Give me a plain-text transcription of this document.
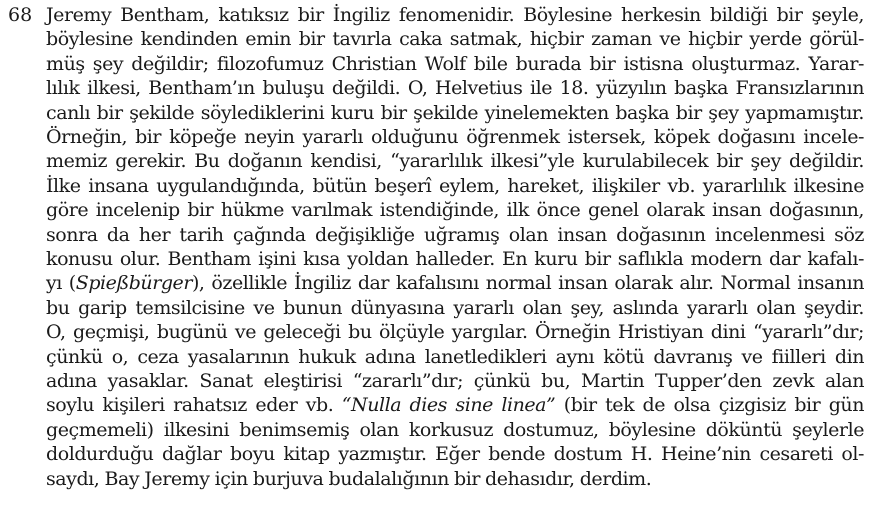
68 Jeremy Bentham, katıksız bir İngiliz fenomenidir. Böylesine herkesin bildiği bir şeyle,
böylesine kendinden emin bir tavırla caka satmak, hiçbir zaman ve hiçbir yerde görül-
müş şey değildir; filozofumuz Christian Wolf bile burada bir istisna oluşturmaz. Yarar-
lılık ilkesi, Bentham’ın buluşu değildi. O, Helvetius ile 18. yüzyılın başka Fransızlarının
canlı bir şekilde söylediklerini kuru bir şekilde yinelemekten başka bir şey yapmamıştır.
Örneğin, bir köpeğe neyin yararlı olduğunu öğrenmek istersek, köpek doğasını incele-
memiz gerekir. Bu doğanın kendisi, “yararlılık ilkesi”yle kurulabilecek bir şey değildir.
İlke insana uygulandığında, bütün beşerî eylem, hareket, ilişkiler vb. yararlılık ilkesine
göre incelenip bir hükme varılmak istendiğinde, ilk önce genel olarak insan doğasının,
sonra da her tarih çağında değişikliğe uğramış olan insan doğasının incelenmesi söz
konusu olur. Bentham işini kısa yoldan halleder. En kuru bir saflıkla modern dar kafalı-
yı (Spießbürger), özellikle İngiliz dar kafalısını normal insan olarak alır. Normal insanın
bu garip temsilcisine ve bunun dünyasına yararlı olan şey, aslında yararlı olan şeydir.
O, geçmişi, bugünü ve geleceği bu ölçüyle yargılar. Örneğin Hristiyan dini “yararlı”dır;
çünkü o, ceza yasalarının hukuk adına lanetledikleri aynı kötü davranış ve fiilleri din
adına yasaklar. Sanat eleştirisi “zararlı”dır; çünkü bu, Martin Tupper’den zevk alan
soylu kişileri rahatsız eder vb. “Nulla dies sine linea” (bir tek de olsa çizgisiz bir gün
geçmemeli) ilkesini benimsemiş olan korkusuz dostumuz, böylesine döküntü şeylerle
doldurduğu dağlar boyu kitap yazmıştır. Eğer bende dostum H. Heine’nin cesareti ol-
saydı, Bay Jeremy için burjuva budalalığının bir dehasıdır, derdim.
